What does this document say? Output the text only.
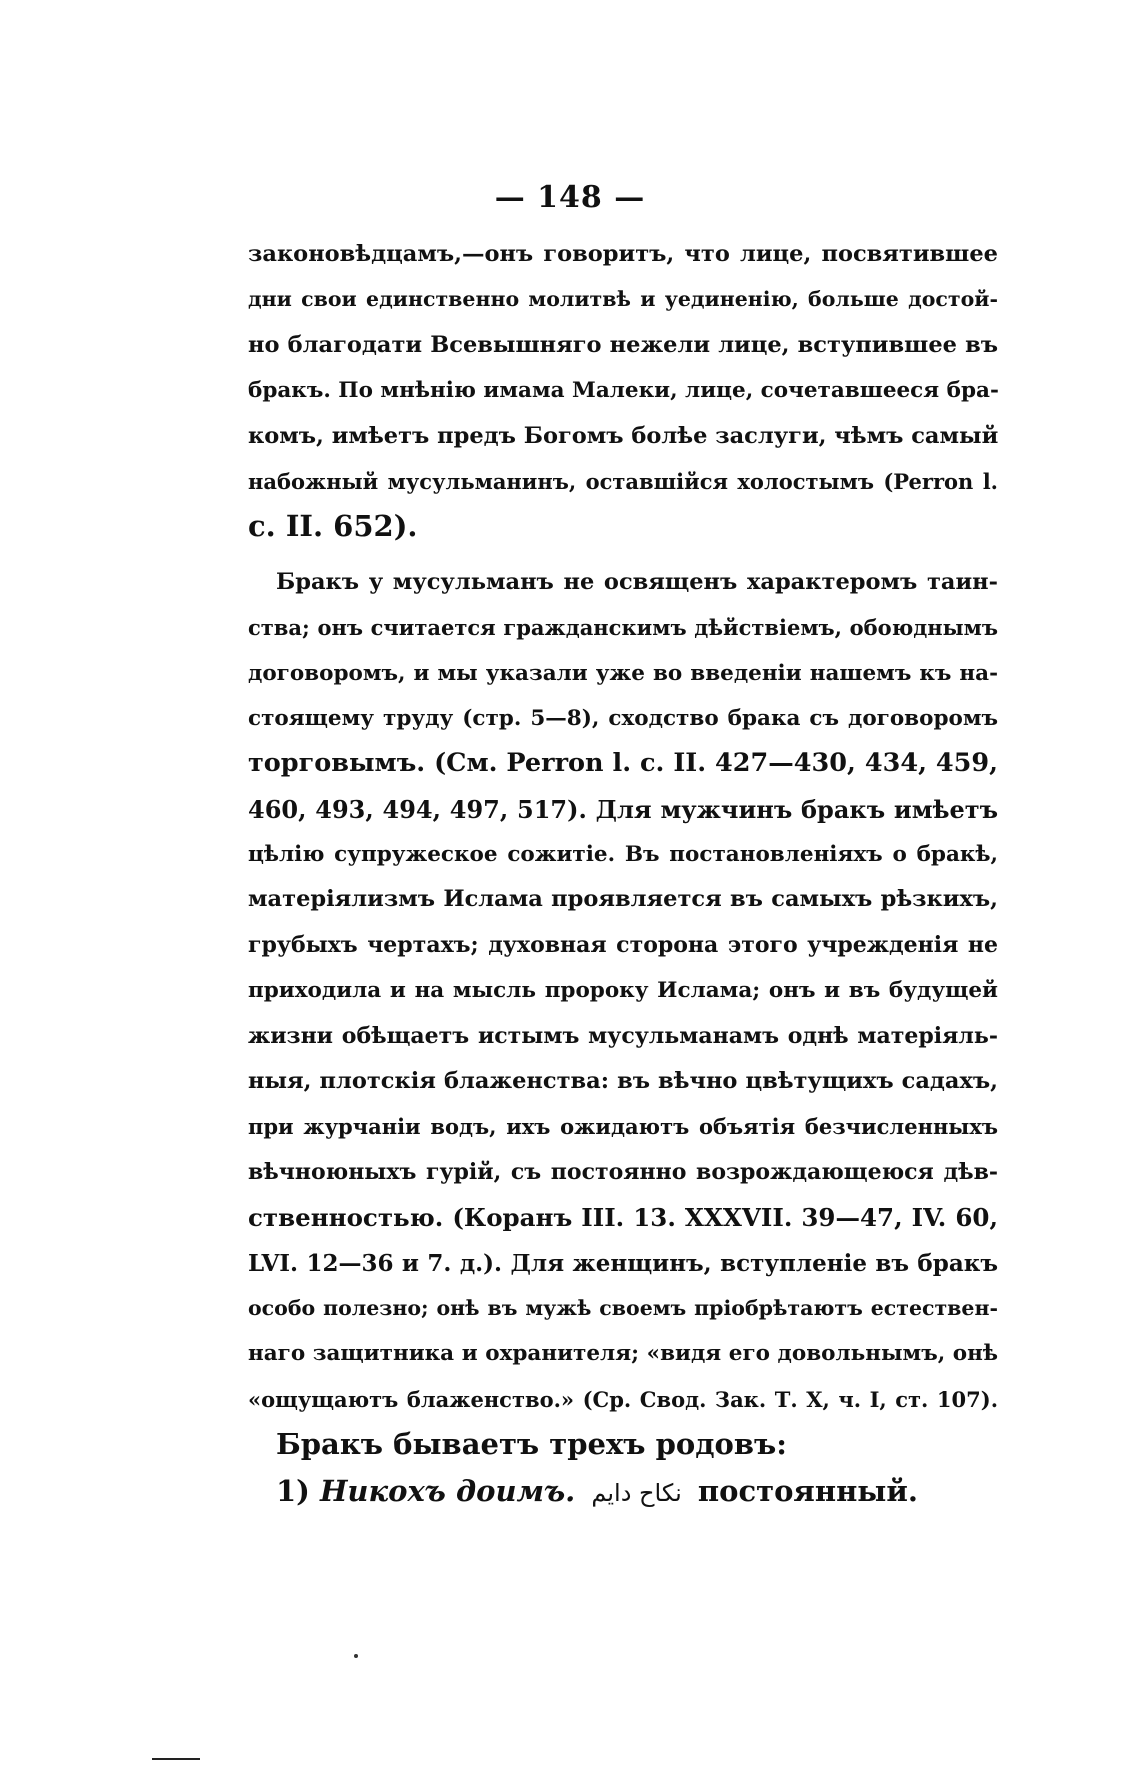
— 148 —
законовѣдцамъ,—онъ говоритъ, что лице, посвятившее
дни свои единственно молитвѣ и уединенію, больше достой-
но благодати Всевышняго нежели лице, вступившее въ
бракъ. По мнѣнію имама Малеки, лице, сочетавшееся бра-
комъ, имѣетъ предъ Богомъ болѣе заслуги, чѣмъ самый
набожный мусульманинъ, оставшійся холостымъ (Perron l.
c. II. 652).
Бракъ у мусульманъ не освященъ характеромъ таин-
ства; онъ считается гражданскимъ дѣйствіемъ, обоюднымъ
договоромъ, и мы указали уже во введеніи нашемъ къ на-
стоящему труду (стр. 5—8), сходство брака съ договоромъ
торговымъ. (См. Perron l. c. II. 427—430, 434, 459,
460, 493, 494, 497, 517). Для мужчинъ бракъ имѣетъ
цѣлію супружеское сожитіе. Въ постановленіяхъ о бракѣ,
матеріялизмъ Ислама проявляется въ самыхъ рѣзкихъ,
грубыхъ чертахъ; духовная сторона этого учрежденія не
приходила и на мысль пророку Ислама; онъ и въ будущей
жизни обѣщаетъ истымъ мусульманамъ однѣ матеріяль-
ныя, плотскія блаженства: въ вѣчно цвѣтущихъ садахъ,
при журчаніи водъ, ихъ ожидаютъ объятія безчисленныхъ
вѣчноюныхъ гурій, съ постоянно возрождающеюся дѣв-
ственностью. (Коранъ III. 13. XXXVII. 39—47, IV. 60,
LVI. 12—36 и 7. д.). Для женщинъ, вступленіе въ бракъ
особо полезно; онѣ въ мужѣ своемъ пріобрѣтаютъ естествен-
наго защитника и охранителя; «видя его довольнымъ, онѣ
«ощущаютъ блаженство.» (Ср. Свод. Зак. Т. X, ч. I, ст. 107).
Бракъ бываетъ трехъ родовъ:
1) Никохъ доимъ. نكاح دايم постоянный.
